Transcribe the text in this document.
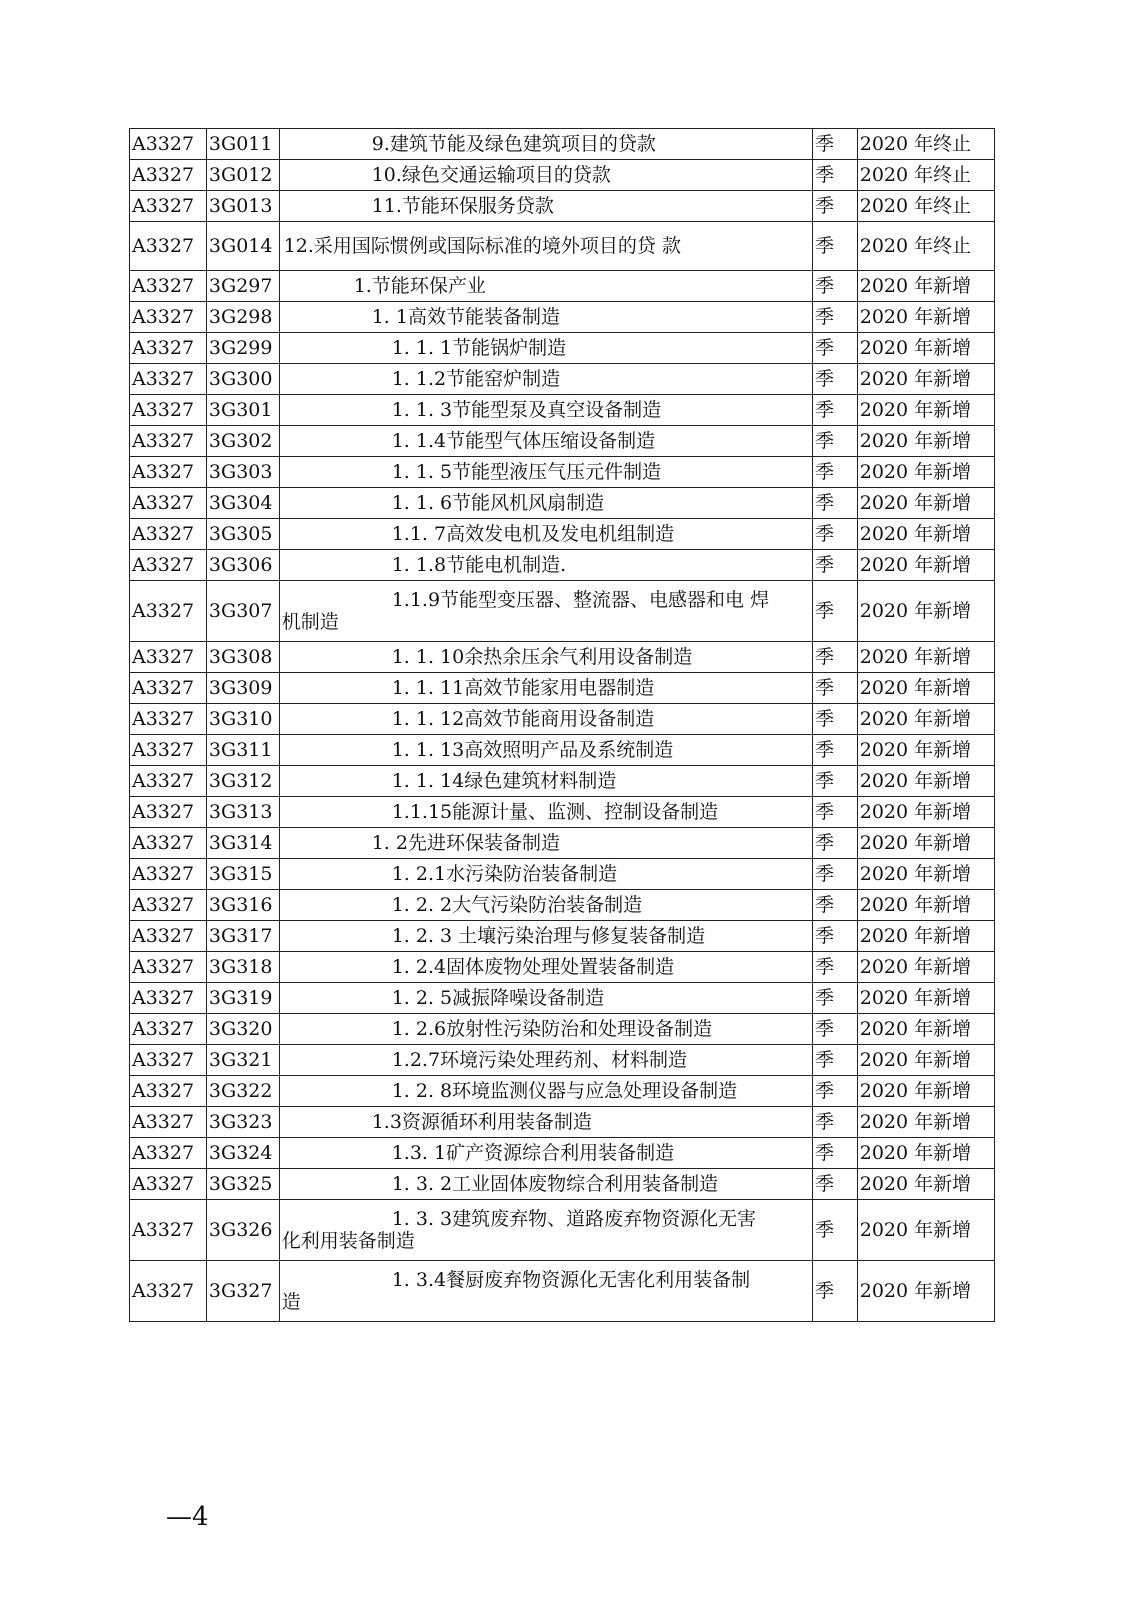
A3327	3G011	9.建筑节能及绿色建筑项目的贷款	季	2020 年终止
A3327	3G012	10.绿色交通运输项目的贷款	季	2020 年终止
A3327	3G013	11.节能环保服务贷款	季	2020 年终止
A3327	3G014	12.采用国际惯例或国际标准的境外项目的贷 款	季	2020 年终止
A3327	3G297	1.节能环保产业	季	2020 年新增
A3327	3G298	1. 1高效节能装备制造	季	2020 年新增
A3327	3G299	1. 1. 1节能锅炉制造	季	2020 年新增
A3327	3G300	1. 1.2节能窑炉制造	季	2020 年新增
A3327	3G301	1. 1. 3节能型泵及真空设备制造	季	2020 年新增
A3327	3G302	1. 1.4节能型气体压缩设备制造	季	2020 年新增
A3327	3G303	1. 1. 5节能型液压气压元件制造	季	2020 年新增
A3327	3G304	1. 1. 6节能风机风扇制造	季	2020 年新增
A3327	3G305	1.1. 7高效发电机及发电机组制造	季	2020 年新增
A3327	3G306	1. 1.8节能电机制造.	季	2020 年新增
A3327	3G307	1.1.9节能型变压器、整流器、电感器和电 焊
机制造	季	2020 年新增
A3327	3G308	1. 1. 10余热余压余气利用设备制造	季	2020 年新增
A3327	3G309	1. 1. 11高效节能家用电器制造	季	2020 年新增
A3327	3G310	1. 1. 12高效节能商用设备制造	季	2020 年新增
A3327	3G311	1. 1. 13高效照明产品及系统制造	季	2020 年新增
A3327	3G312	1. 1. 14绿色建筑材料制造	季	2020 年新增
A3327	3G313	1.1.15能源计量、监测、控制设备制造	季	2020 年新增
A3327	3G314	1. 2先进环保装备制造	季	2020 年新增
A3327	3G315	1. 2.1水污染防治装备制造	季	2020 年新增
A3327	3G316	1. 2. 2大气污染防治装备制造	季	2020 年新增
A3327	3G317	1. 2. 3 土壤污染治理与修复装备制造	季	2020 年新增
A3327	3G318	1. 2.4固体废物处理处置装备制造	季	2020 年新增
A3327	3G319	1. 2. 5减振降噪设备制造	季	2020 年新增
A3327	3G320	1. 2.6放射性污染防治和处理设备制造	季	2020 年新增
A3327	3G321	1.2.7环境污染处理药剂、材料制造	季	2020 年新增
A3327	3G322	1. 2. 8环境监测仪器与应急处理设备制造	季	2020 年新增
A3327	3G323	1.3资源循环利用装备制造	季	2020 年新增
A3327	3G324	1.3. 1矿产资源综合利用装备制造	季	2020 年新增
A3327	3G325	1. 3. 2工业固体废物综合利用装备制造	季	2020 年新增
A3327	3G326	1. 3. 3建筑废弃物、道路废弃物资源化无害
化利用装备制造	季	2020 年新增
A3327	3G327	1. 3.4餐厨废弃物资源化无害化利用装备制
造	季	2020 年新增
—4
